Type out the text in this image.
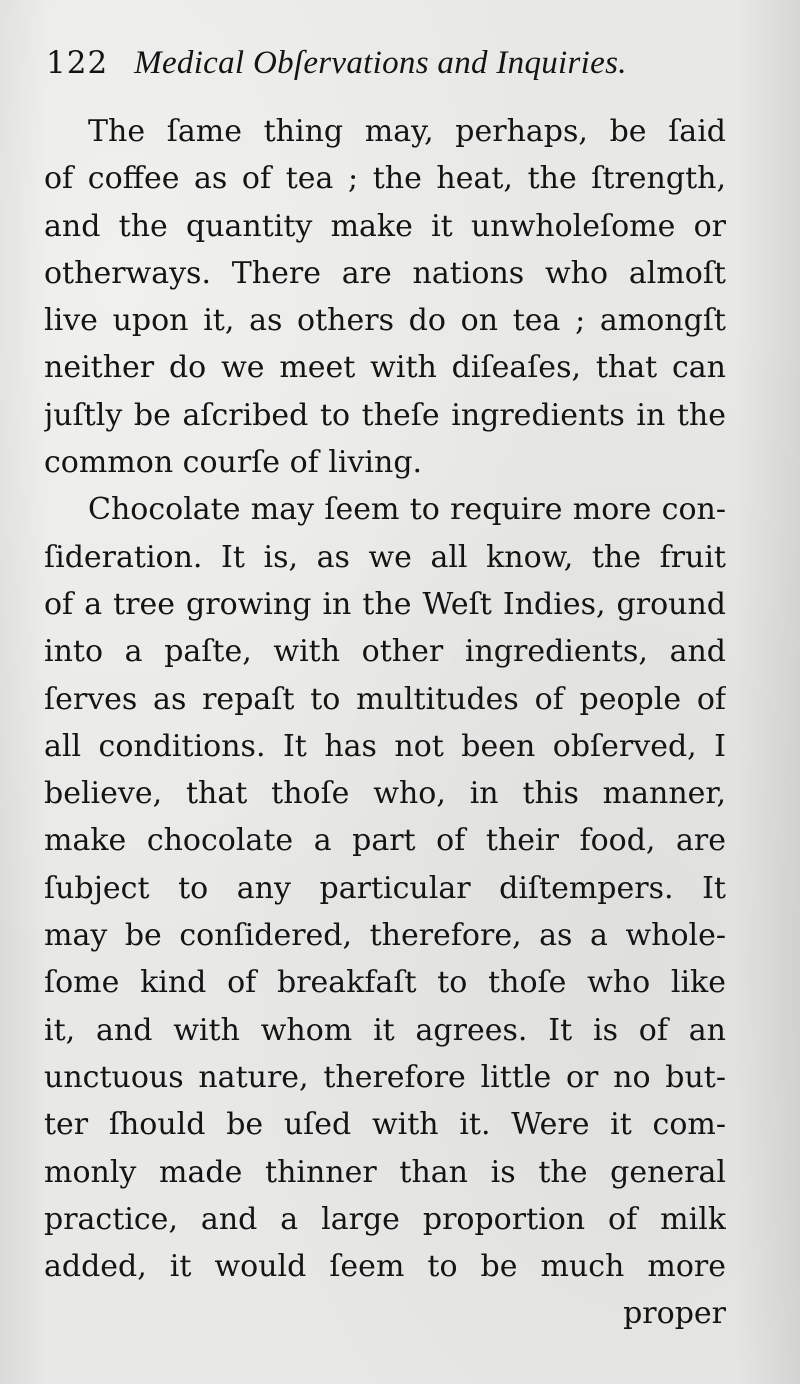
122 Medical Obſervations and Inquiries.
The ſame thing may, perhaps, be ſaid
of coffee as of tea ; the heat, the ſtrength,
and the quantity make it unwholeſome or
otherways. There are nations who almoſt
live upon it, as others do on tea ; amongſt
neither do we meet with diſeaſes, that can
juſtly be aſcribed to theſe ingredients in the
common courſe of living.
Chocolate may ſeem to require more con-
ſideration. It is, as we all know, the fruit
of a tree growing in the Weſt Indies, ground
into a paſte, with other ingredients, and
ſerves as repaſt to multitudes of people of
all conditions. It has not been obſerved, I
believe, that thoſe who, in this manner,
make chocolate a part of their food, are
ſubject to any particular diſtempers. It
may be conſidered, therefore, as a whole-
ſome kind of breakfaſt to thoſe who like
it, and with whom it agrees. It is of an
unctuous nature, therefore little or no but-
ter ſhould be uſed with it. Were it com-
monly made thinner than is the general
practice, and a large proportion of milk
added, it would ſeem to be much more
proper
